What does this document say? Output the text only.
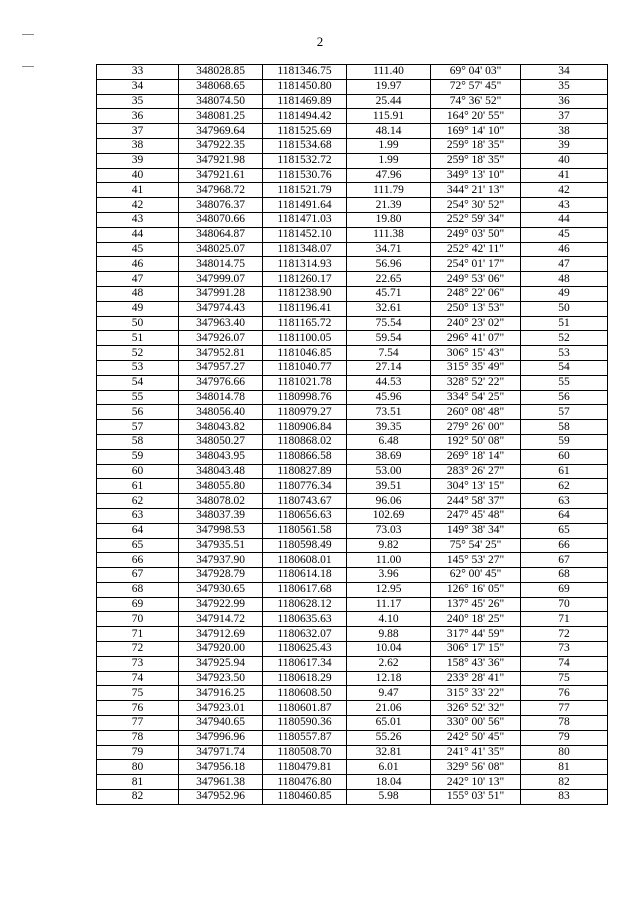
2
33	348028.85	1181346.75	111.40	69° 04' 03"	34
34	348068.65	1181450.80	19.97	72° 57' 45"	35
35	348074.50	1181469.89	25.44	74° 36' 52"	36
36	348081.25	1181494.42	115.91	164° 20' 55"	37
37	347969.64	1181525.69	48.14	169° 14' 10"	38
38	347922.35	1181534.68	1.99	259° 18' 35"	39
39	347921.98	1181532.72	1.99	259° 18' 35"	40
40	347921.61	1181530.76	47.96	349° 13' 10"	41
41	347968.72	1181521.79	111.79	344° 21' 13"	42
42	348076.37	1181491.64	21.39	254° 30' 52"	43
43	348070.66	1181471.03	19.80	252° 59' 34"	44
44	348064.87	1181452.10	111.38	249° 03' 50"	45
45	348025.07	1181348.07	34.71	252° 42' 11"	46
46	348014.75	1181314.93	56.96	254° 01' 17"	47
47	347999.07	1181260.17	22.65	249° 53' 06"	48
48	347991.28	1181238.90	45.71	248° 22' 06"	49
49	347974.43	1181196.41	32.61	250° 13' 53"	50
50	347963.40	1181165.72	75.54	240° 23' 02"	51
51	347926.07	1181100.05	59.54	296° 41' 07"	52
52	347952.81	1181046.85	7.54	306° 15' 43"	53
53	347957.27	1181040.77	27.14	315° 35' 49"	54
54	347976.66	1181021.78	44.53	328° 52' 22"	55
55	348014.78	1180998.76	45.96	334° 54' 25"	56
56	348056.40	1180979.27	73.51	260° 08' 48"	57
57	348043.82	1180906.84	39.35	279° 26' 00"	58
58	348050.27	1180868.02	6.48	192° 50' 08"	59
59	348043.95	1180866.58	38.69	269° 18' 14"	60
60	348043.48	1180827.89	53.00	283° 26' 27"	61
61	348055.80	1180776.34	39.51	304° 13' 15"	62
62	348078.02	1180743.67	96.06	244° 58' 37"	63
63	348037.39	1180656.63	102.69	247° 45' 48"	64
64	347998.53	1180561.58	73.03	149° 38' 34"	65
65	347935.51	1180598.49	9.82	75° 54' 25"	66
66	347937.90	1180608.01	11.00	145° 53' 27"	67
67	347928.79	1180614.18	3.96	62° 00' 45"	68
68	347930.65	1180617.68	12.95	126° 16' 05"	69
69	347922.99	1180628.12	11.17	137° 45' 26"	70
70	347914.72	1180635.63	4.10	240° 18' 25"	71
71	347912.69	1180632.07	9.88	317° 44' 59"	72
72	347920.00	1180625.43	10.04	306° 17' 15"	73
73	347925.94	1180617.34	2.62	158° 43' 36"	74
74	347923.50	1180618.29	12.18	233° 28' 41"	75
75	347916.25	1180608.50	9.47	315° 33' 22"	76
76	347923.01	1180601.87	21.06	326° 52' 32"	77
77	347940.65	1180590.36	65.01	330° 00' 56"	78
78	347996.96	1180557.87	55.26	242° 50' 45"	79
79	347971.74	1180508.70	32.81	241° 41' 35"	80
80	347956.18	1180479.81	6.01	329° 56' 08"	81
81	347961.38	1180476.80	18.04	242° 10' 13"	82
82	347952.96	1180460.85	5.98	155° 03' 51"	83
